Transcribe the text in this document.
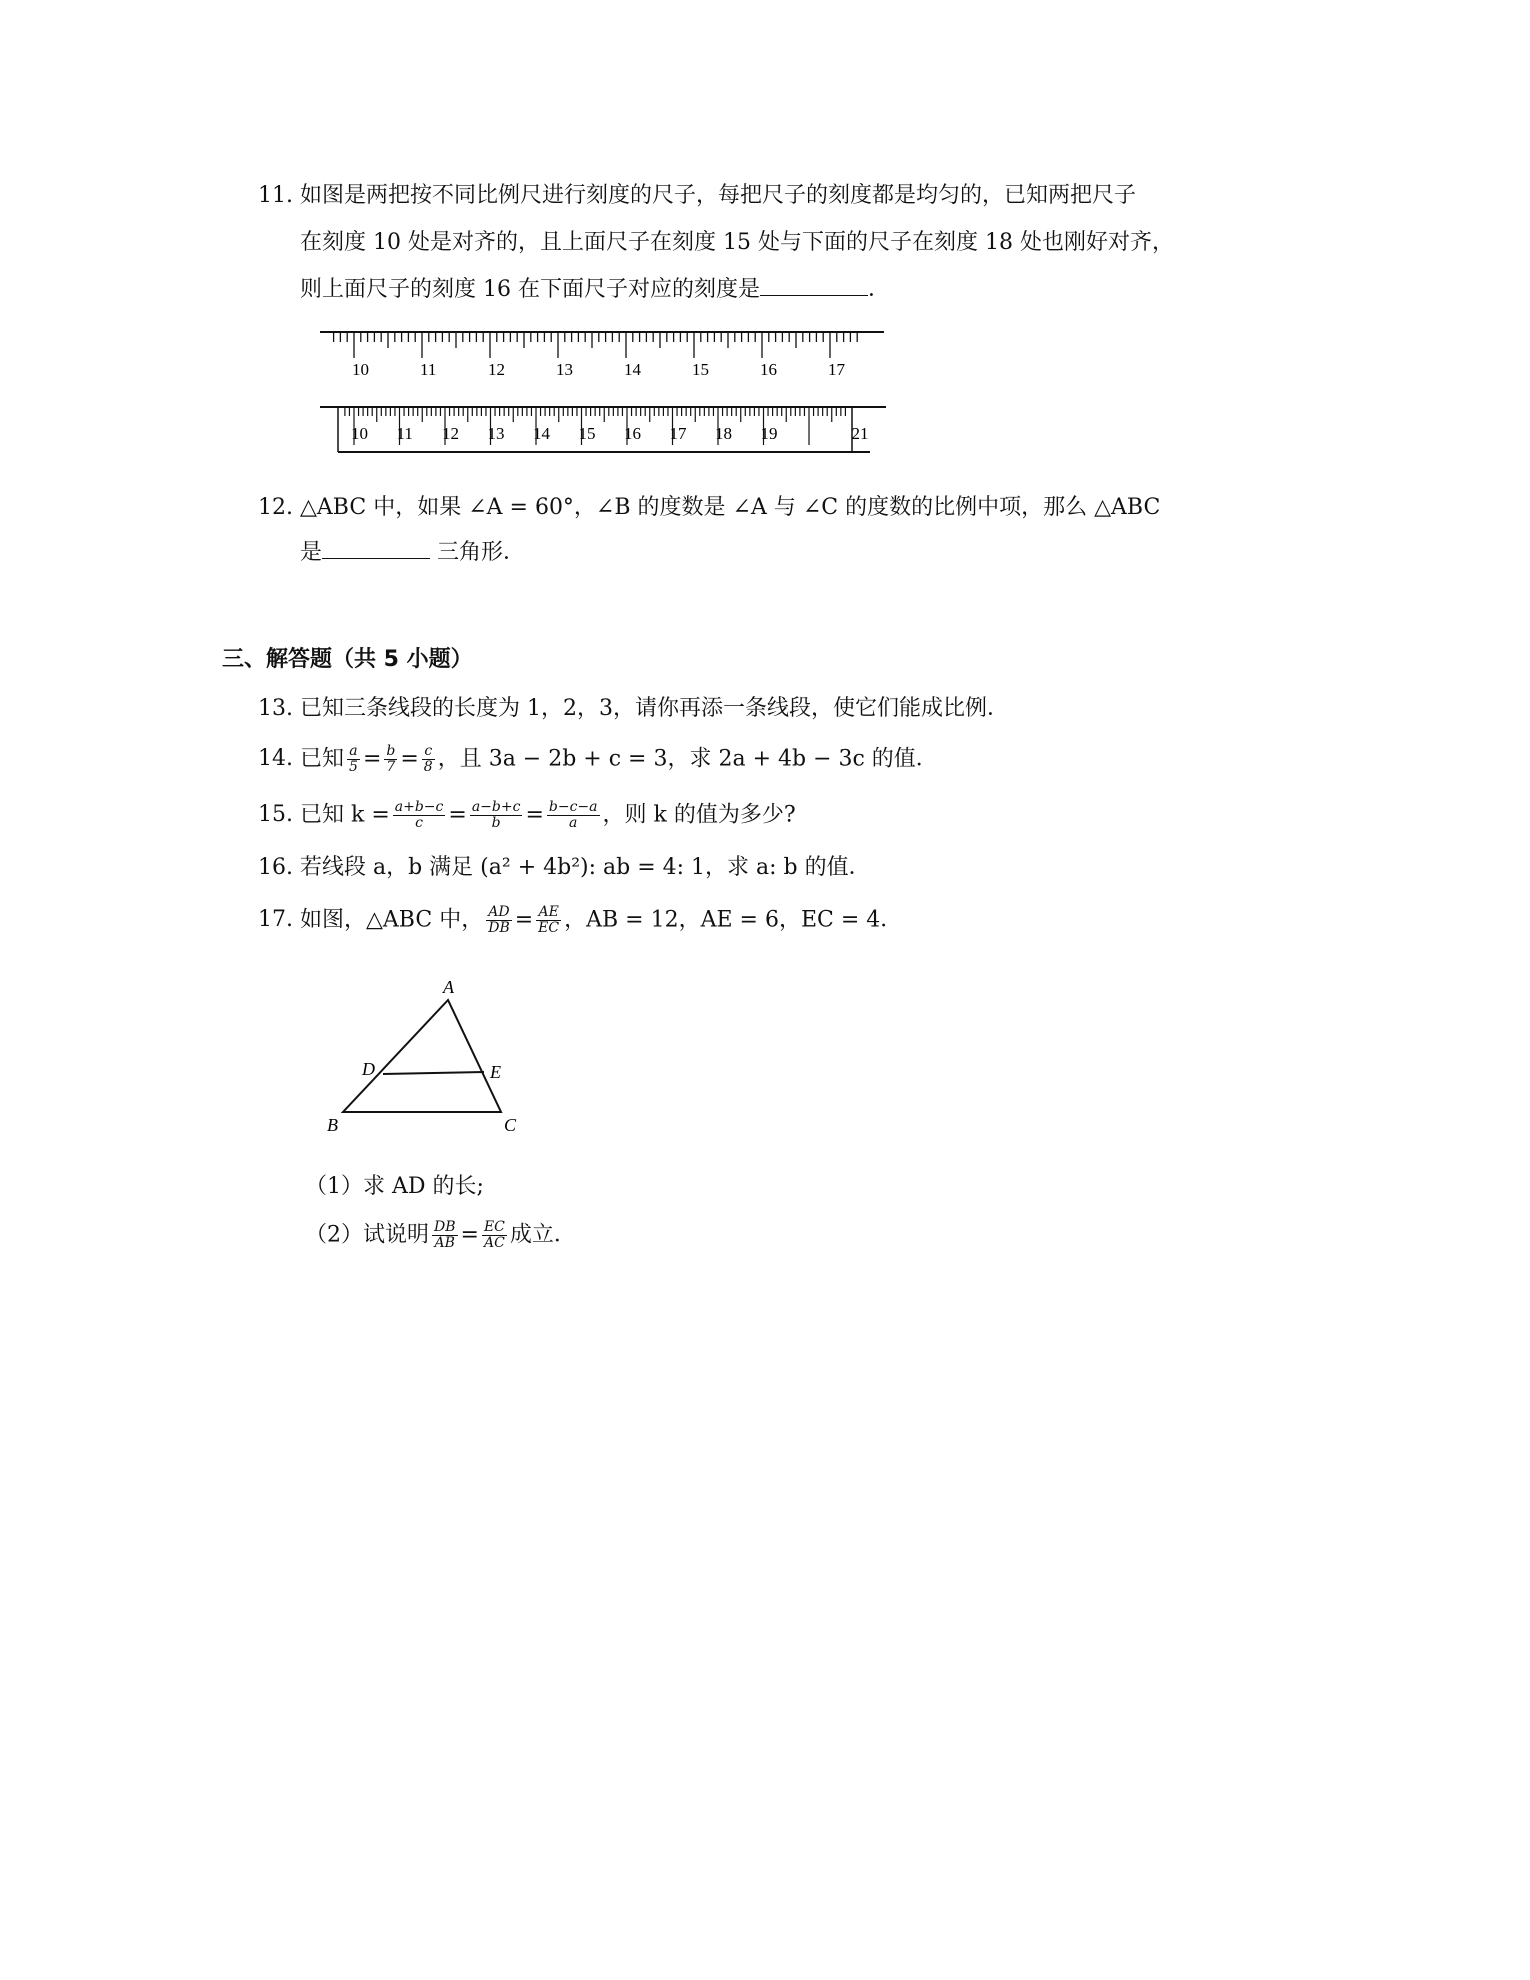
11. 如图是两把按不同比例尺进行刻度的尺子，每把尺子的刻度都是均匀的，已知两把尺子
在刻度 10 处是对齐的，且上面尺子在刻度 15 处与下面的尺子在刻度 18 处也刚好对齐，
则上面尺子的刻度 16 在下面尺子对应的刻度是	．
10	11	12	13	14	15	16	17
10 11 12 13 14 15 16 17 18 19	21
12. △ABC 中，如果 ∠A = 60°，∠B 的度数是 ∠A 与 ∠C 的度数的比例中项，那么 △ABC
是	三角形．
三、解答题（共 5 小题）
13. 已知三条线段的长度为 1，2，3，请你再添一条线段，使它们能成比例．
14. 已知 $\frac{a}{5} = \frac{b}{7} = \frac{c}{8}$ ，且 3a − 2b + c = 3，求 2a + 4b − 3c 的值．
15. 已知 $k = \frac{a+b-c}{c} = \frac{a-b+c}{b} = \frac{b-c-a}{a}$ ，则 k 的值为多少?
16. 若线段 a，b 满足 (a² + 4b²): ab = 4: 1，求 a: b 的值．
17. 如图，△ABC 中， $\frac{AD}{DB} = \frac{AE}{EC}$ ，AB = 12，AE = 6，EC = 4．
A
D	E
B	C
（1）求 AD 的长;
（2）试说明 $\frac{DB}{AB} = \frac{EC}{AC}$ 成立．
